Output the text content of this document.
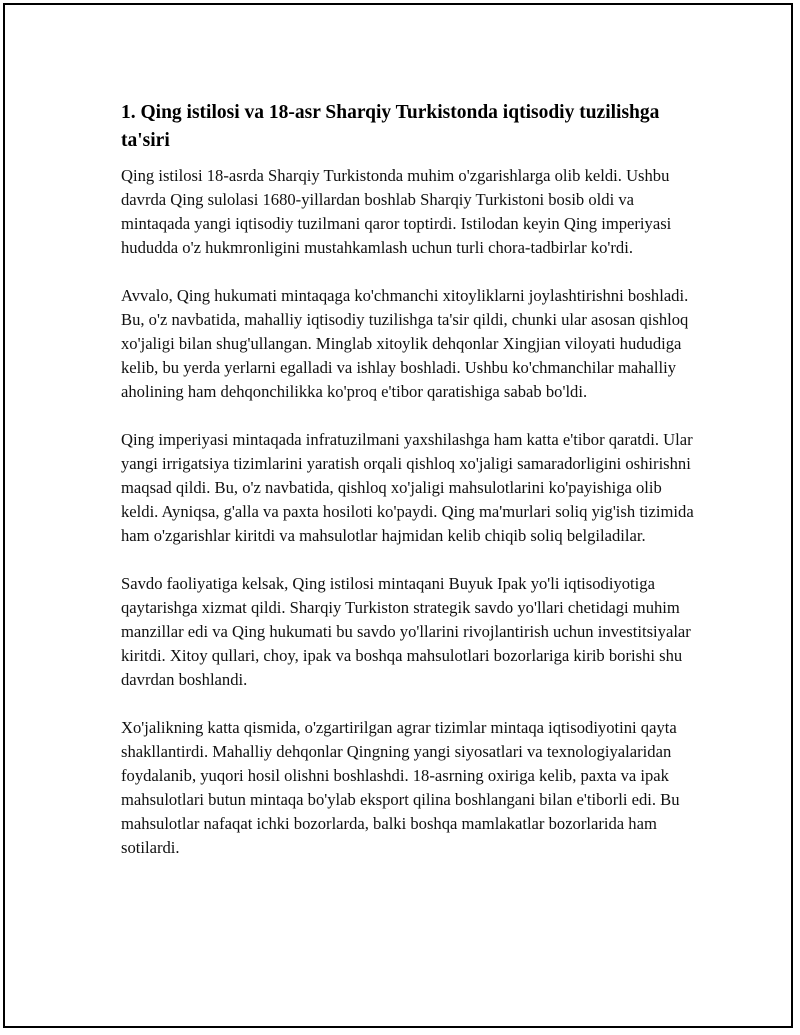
1. Qing istilosi va 18-asr Sharqiy Turkistonda iqtisodiy tuzilishga ta'siri

Qing istilosi 18-asrda Sharqiy Turkistonda muhim o'zgarishlarga olib keldi. Ushbu davrda Qing sulolasi 1680-yillardan boshlab Sharqiy Turkistoni bosib oldi va mintaqada yangi iqtisodiy tuzilmani qaror toptirdi. Istilodan keyin Qing imperiyasi hududda o'z hukmronligini mustahkamlash uchun turli chora-tadbirlar ko'rdi.

Avvalo, Qing hukumati mintaqaga ko'chmanchi xitoyliklarni joylashtirishni boshladi. Bu, o'z navbatida, mahalliy iqtisodiy tuzilishga ta'sir qildi, chunki ular asosan qishloq xo'jaligi bilan shug'ullangan. Minglab xitoylik dehqonlar Xingjian viloyati hududiga kelib, bu yerda yerlarni egalladi va ishlay boshladi. Ushbu ko'chmanchilar mahalliy aholining ham dehqonchilikka ko'proq e'tibor qaratishiga sabab bo'ldi.

Qing imperiyasi mintaqada infratuzilmani yaxshilashga ham katta e'tibor qaratdi. Ular yangi irrigatsiya tizimlarini yaratish orqali qishloq xo'jaligi samaradorligini oshirishni maqsad qildi. Bu, o'z navbatida, qishloq xo'jaligi mahsulotlarini ko'payishiga olib keldi. Ayniqsa, g'alla va paxta hosiloti ko'paydi. Qing ma'murlari soliq yig'ish tizimida ham o'zgarishlar kiritdi va mahsulotlar hajmidan kelib chiqib soliq belgiladilar.

Savdo faoliyatiga kelsak, Qing istilosi mintaqani Buyuk Ipak yo'li iqtisodiyotiga qaytarishga xizmat qildi. Sharqiy Turkiston strategik savdo yo'llari chetidagi muhim manzillar edi va Qing hukumati bu savdo yo'llarini rivojlantirish uchun investitsiyalar kiritdi. Xitoy qullari, choy, ipak va boshqa mahsulotlari bozorlariga kirib borishi shu davrdan boshlandi.

Xo'jalikning katta qismida, o'zgartirilgan agrar tizimlar mintaqa iqtisodiyotini qayta shakllantirdi. Mahalliy dehqonlar Qingning yangi siyosatlari va texnologiyalaridan foydalanib, yuqori hosil olishni boshlashdi. 18-asrning oxiriga kelib, paxta va ipak mahsulotlari butun mintaqa bo'ylab eksport qilina boshlangani bilan e'tiborli edi. Bu mahsulotlar nafaqat ichki bozorlarda, balki boshqa mamlakatlar bozorlarida ham sotilardi.
